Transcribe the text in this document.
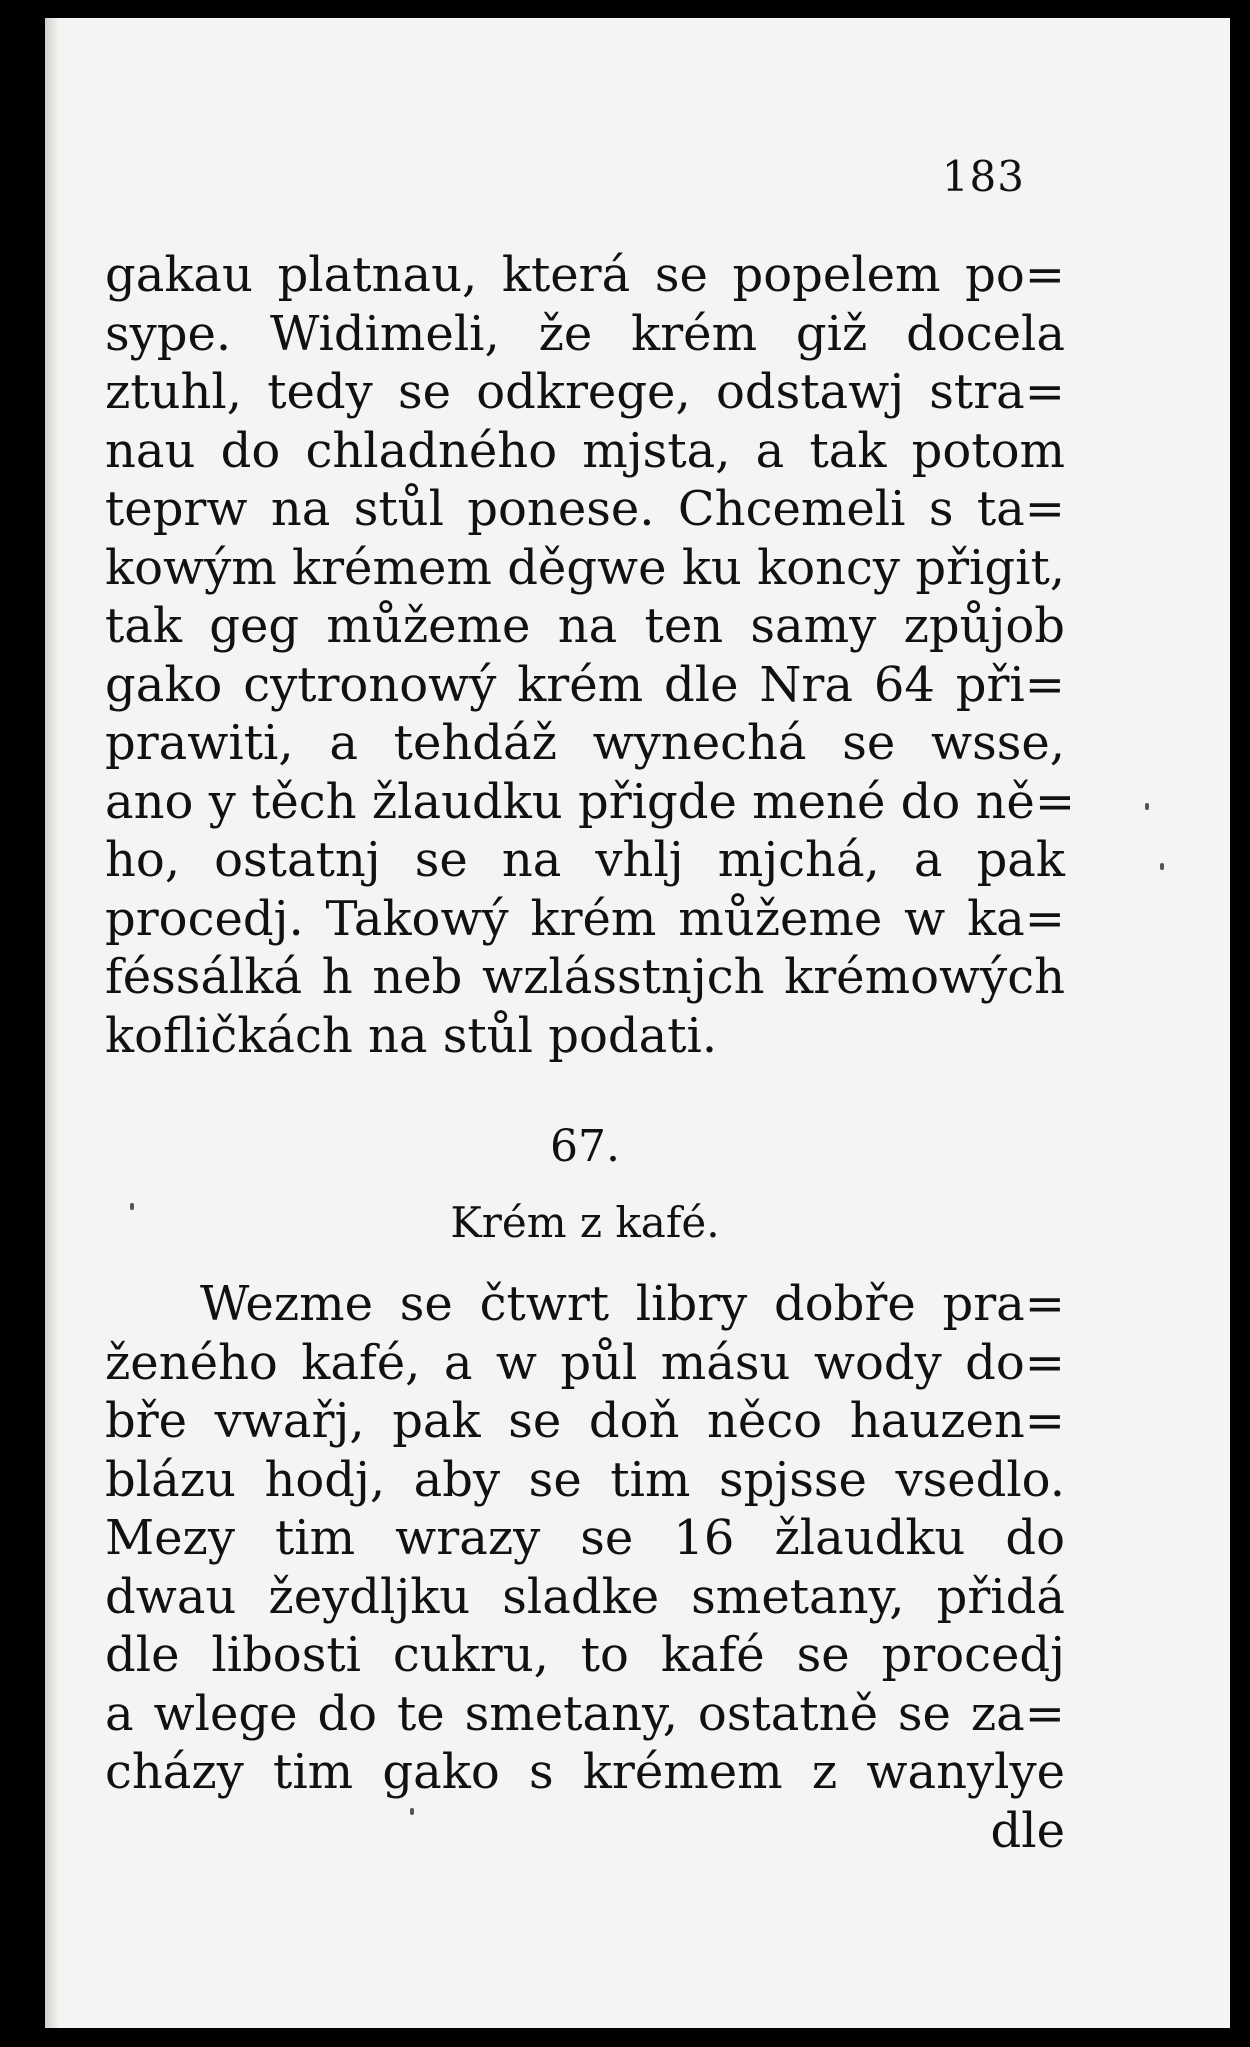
183
gakau platnau, která se popelem po=
sype. Widimeli, že krém giž docela
ztuhl, tedy se odkrege, odstawj stra=
nau do chladného mjsta, a tak potom
teprw na stůl ponese. Chcemeli s ta=
kowým krémem děgwe ku koncy přigit,
tak geg můžeme na ten samy způjob
gako cytronowý krém dle Nra 64 při=
prawiti, a tehdáž wynechá se wsse,
ano y těch žlaudku přigde mené do ně=
ho, ostatnj se na vhlj mjchá, a pak
procedj. Takowý krém můžeme w ka=
féssálká h neb wzlásstnjch krémowých
kofličkách na stůl podati.
67.
Krém z kafé.
Wezme se čtwrt libry dobře pra=
ženého kafé, a w půl másu wody do=
bře vwařj, pak se doň něco hauzen=
blázu hodj, aby se tim spjsse vsedlo.
Mezy tim wrazy se 16 žlaudku do
dwau žeydljku sladke smetany, přidá
dle libosti cukru, to kafé se procedj
a wlege do te smetany, ostatně se za=
cházy tim gako s krémem z wanylye
dle
